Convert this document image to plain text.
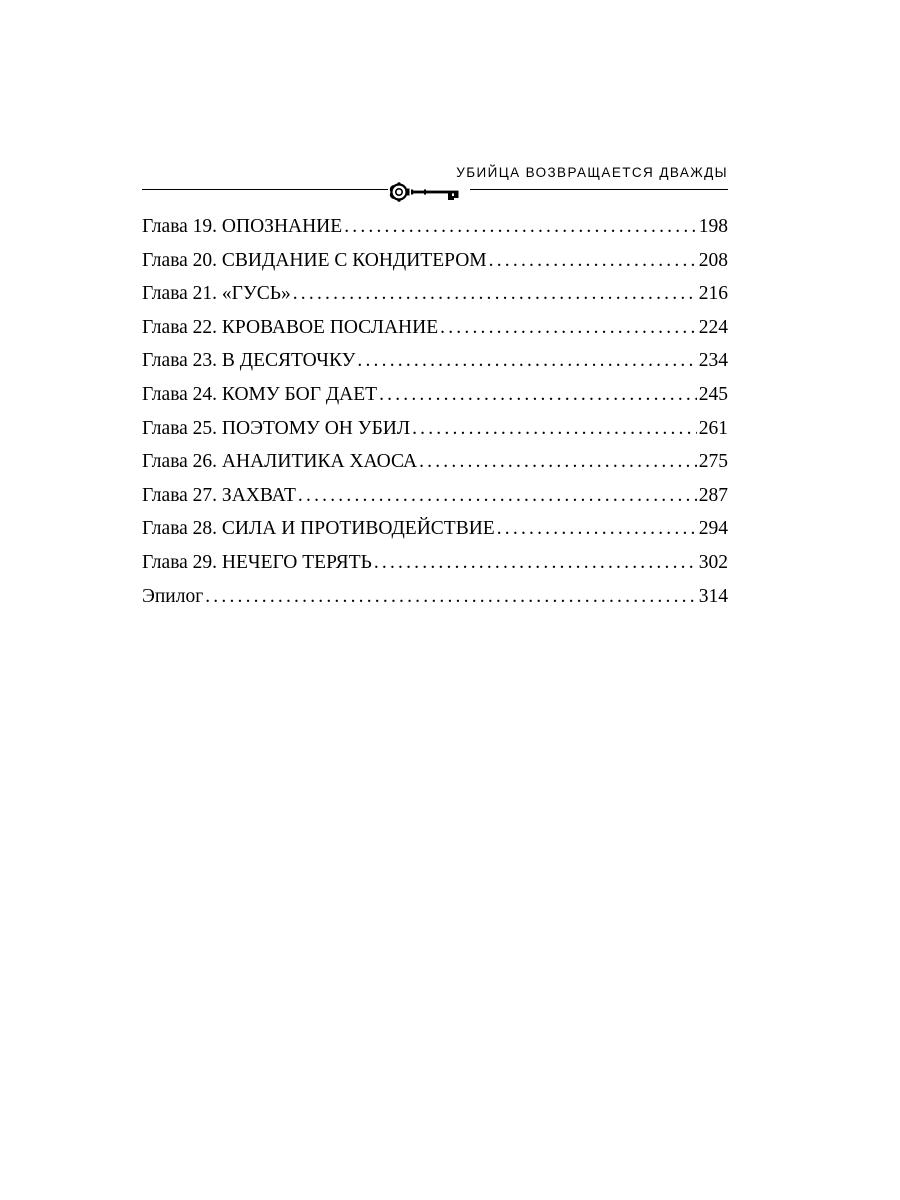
УБИЙЦА ВОЗВРАЩАЕТСЯ ДВАЖДЫ
Глава 19. ОПОЗНАНИЕ .....	198
Глава 20. СВИДАНИЕ С КОНДИТЕРОМ .....	208
Глава 21. «ГУСЬ» .....	216
Глава 22. КРОВАВОЕ ПОСЛАНИЕ .....	224
Глава 23. В ДЕСЯТОЧКУ .....	234
Глава 24. КОМУ БОГ ДАЕТ .....	245
Глава 25. ПОЭТОМУ ОН УБИЛ .....	261
Глава 26. АНАЛИТИКА ХАОСА .....	275
Глава 27. ЗАХВАТ .....	287
Глава 28. СИЛА И ПРОТИВОДЕЙСТВИЕ .....	294
Глава 29. НЕЧЕГО ТЕРЯТЬ .....	302
Эпилог .....	314
